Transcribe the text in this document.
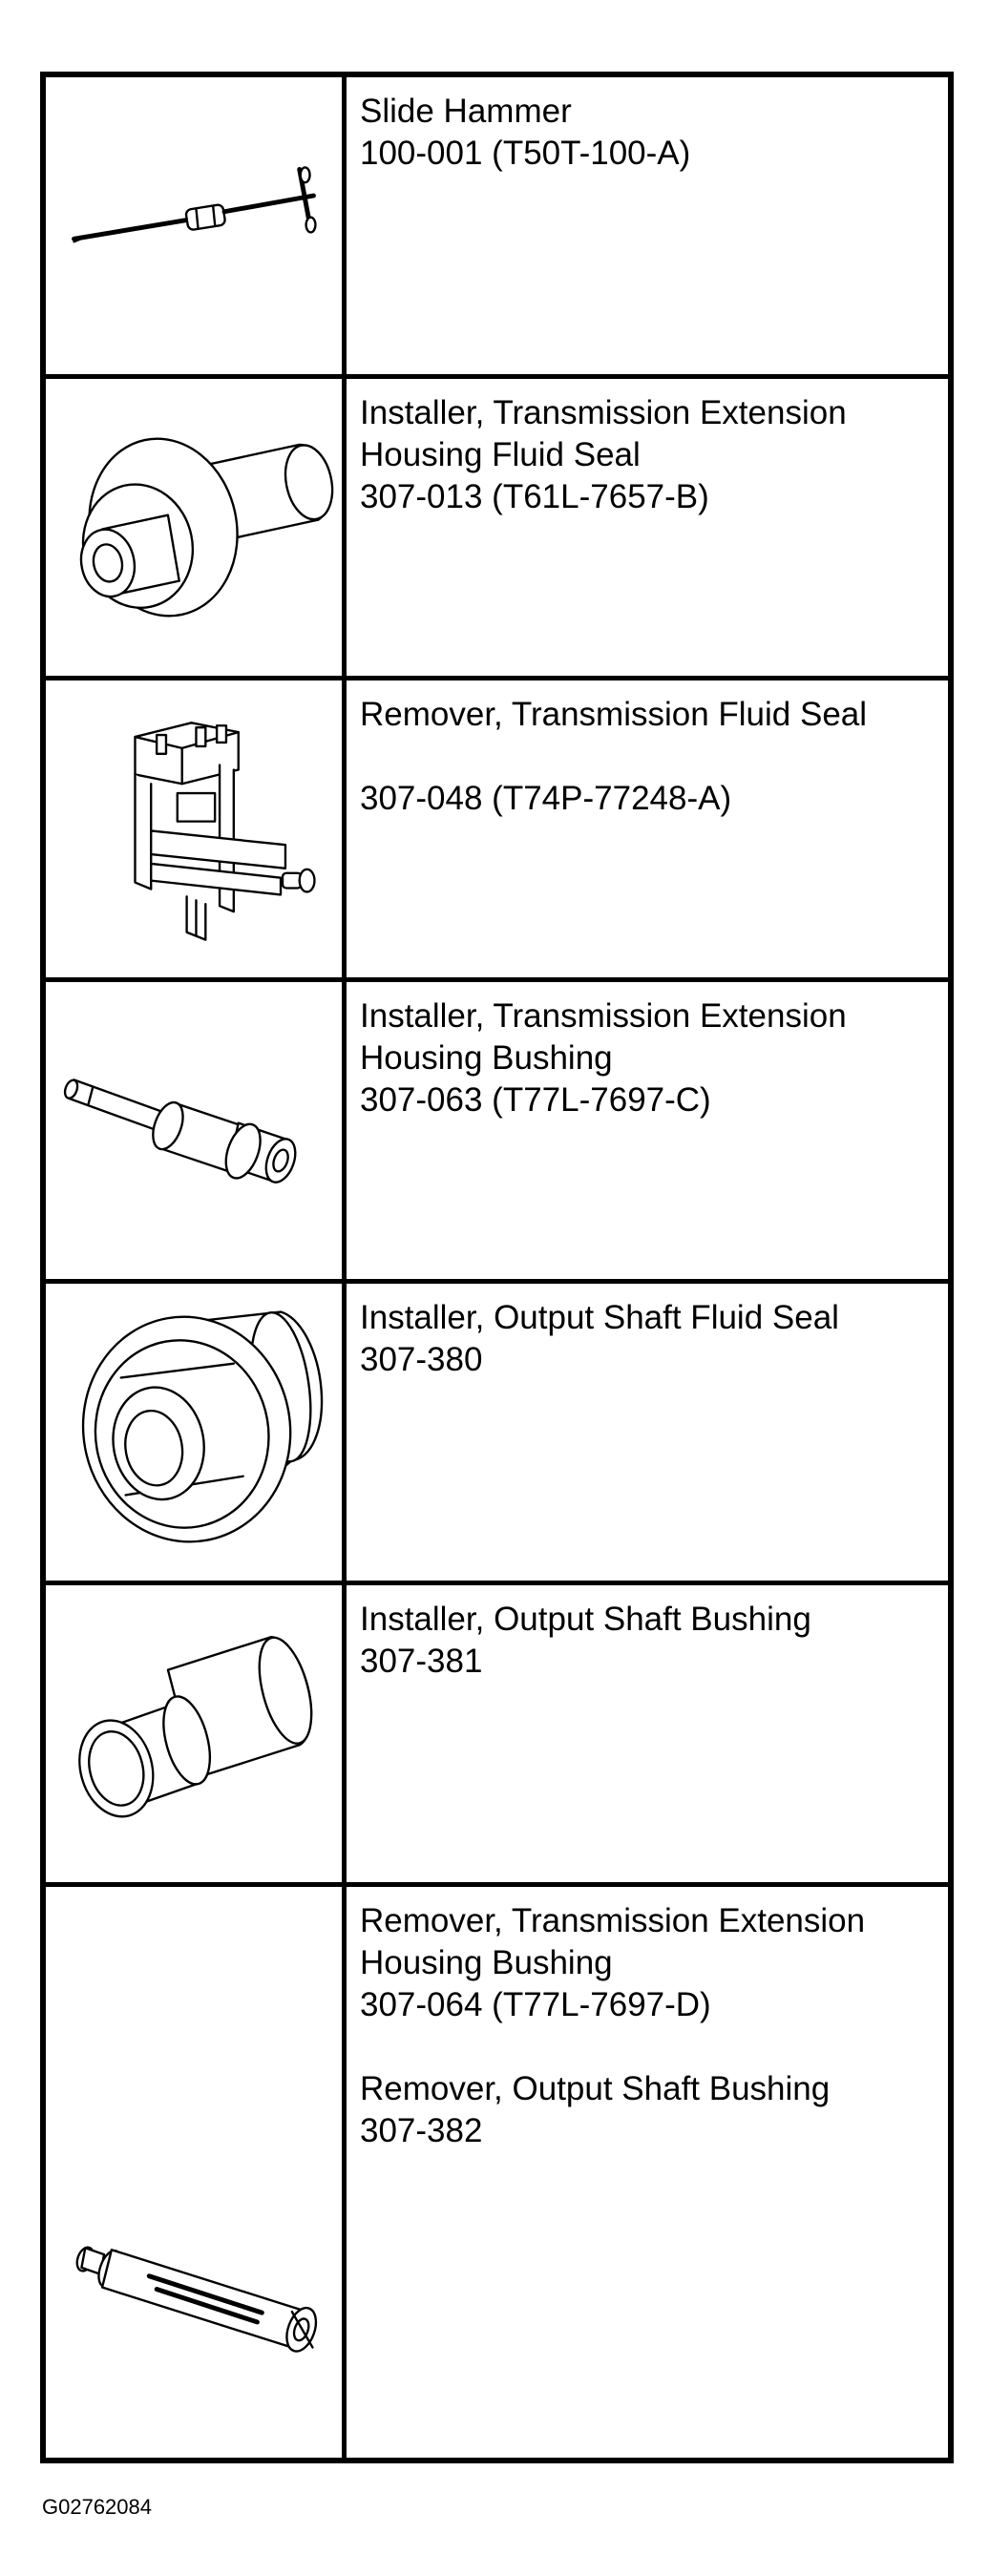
Slide Hammer
100-001 (T50T-100-A)
Installer, Transmission Extension
Housing Fluid Seal
307-013 (T61L-7657-B)
Remover, Transmission Fluid Seal
307-048 (T74P-77248-A)
Installer, Transmission Extension
Housing Bushing
307-063 (T77L-7697-C)
Installer, Output Shaft Fluid Seal
307-380
Installer, Output Shaft Bushing
307-381
Remover, Transmission Extension
Housing Bushing
307-064 (T77L-7697-D)
Remover, Output Shaft Bushing
307-382
G02762084
